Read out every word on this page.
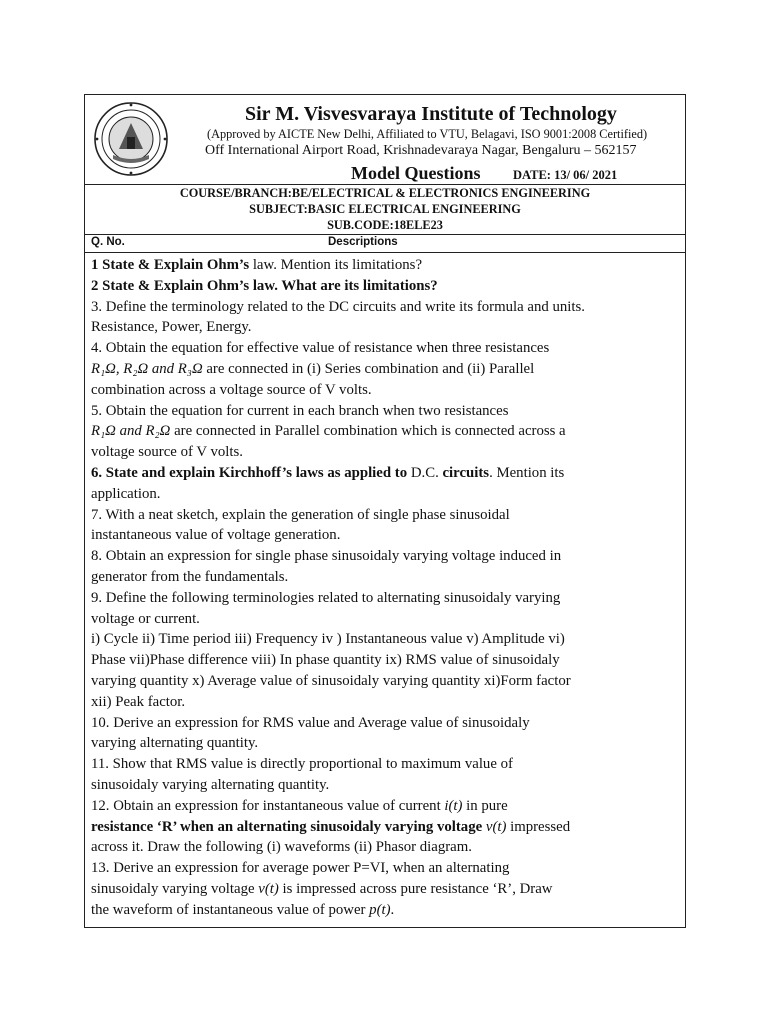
Sir M. Visvesvaraya Institute of Technology
(Approved by AICTE New Delhi, Affiliated to VTU, Belagavi, ISO 9001:2008 Certified)
Off International Airport Road, Krishnadevaraya Nagar, Bengaluru – 562157
Model Questions	DATE: 13/ 06/ 2021
COURSE/BRANCH:BE/ELECTRICAL & ELECTRONICS ENGINEERING
SUBJECT:BASIC ELECTRICAL ENGINEERING
SUB.CODE:18ELE23
Q. No.	Descriptions

1 State & Explain Ohm’s law. Mention its limitations?

2 State & Explain Ohm’s law. What are its limitations?

3. Define the terminology related to the DC circuits and write its formula and units.
Resistance, Power, Energy.

4. Obtain the equation for effective value of resistance when three resistances
R₁Ω, R₂Ω and R₃Ω are connected in (i) Series combination and (ii) Parallel
combination across a voltage source of V volts.

5. Obtain the equation for current in each branch when two resistances
R₁Ω and R₂Ω are connected in Parallel combination which is connected across a
voltage source of V volts.

6. State and explain Kirchhoff’s laws as applied to D.C. circuits. Mention its
application.

7. With a neat sketch, explain the generation of single phase sinusoidal
instantaneous value of voltage generation.

8. Obtain an expression for single phase sinusoidaly varying voltage induced in
generator from the fundamentals.

9. Define the following terminologies related to alternating sinusoidaly varying
voltage or current.
i) Cycle ii) Time period iii) Frequency iv ) Instantaneous value v) Amplitude vi)
Phase vii)Phase difference viii) In phase quantity ix) RMS value of sinusoidaly
varying quantity x) Average value of sinusoidaly varying quantity xi)Form factor
xii) Peak factor.

10. Derive an expression for RMS value and Average value of sinusoidaly
varying alternating quantity.

11. Show that RMS value is directly proportional to maximum value of
sinusoidaly varying alternating quantity.

12. Obtain an expression for instantaneous value of current i(t) in pure
resistance ‘R’ when an alternating sinusoidaly varying voltage v(t) impressed
across it. Draw the following (i) waveforms (ii) Phasor diagram.

13. Derive an expression for average power P=VI, when an alternating
sinusoidaly varying voltage v(t) is impressed across pure resistance ‘R’, Draw
the waveform of instantaneous value of power p(t).
